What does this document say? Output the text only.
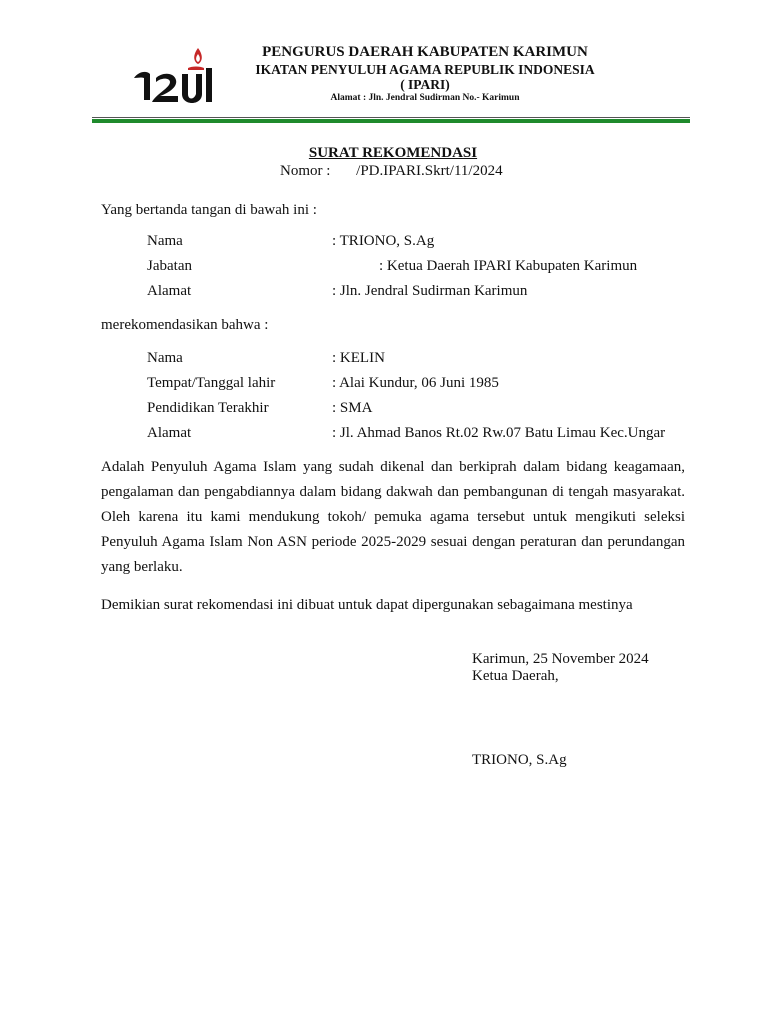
PENGURUS DAERAH KABUPATEN KARIMUN
IKATAN PENYULUH AGAMA REPUBLIK INDONESIA
( IPARI)
Alamat : Jln. Jendral Sudirman No.- Karimun
SURAT REKOMENDASI
Nomor : /PD.IPARI.Skrt/11/2024
Yang bertanda tangan di bawah ini :
Nama	: TRIONO, S.Ag
Jabatan	: Ketua Daerah IPARI Kabupaten Karimun
Alamat	: Jln. Jendral Sudirman Karimun
merekomendasikan bahwa :
Nama	: KELIN
Tempat/Tanggal lahir	: Alai Kundur, 06 Juni 1985
Pendidikan Terakhir	: SMA
Alamat	: Jl. Ahmad Banos Rt.02 Rw.07 Batu Limau Kec.Ungar
Adalah Penyuluh Agama Islam yang sudah dikenal dan berkiprah dalam bidang keagamaan, pengalaman dan pengabdiannya dalam bidang dakwah dan pembangunan di tengah masyarakat. Oleh karena itu kami mendukung tokoh/ pemuka agama tersebut untuk mengikuti seleksi Penyuluh Agama Islam Non ASN periode 2025-2029 sesuai dengan peraturan dan perundangan yang berlaku.
Demikian surat rekomendasi ini dibuat untuk dapat dipergunakan sebagaimana mestinya
Karimun, 25 November 2024
Ketua Daerah,
TRIONO, S.Ag
